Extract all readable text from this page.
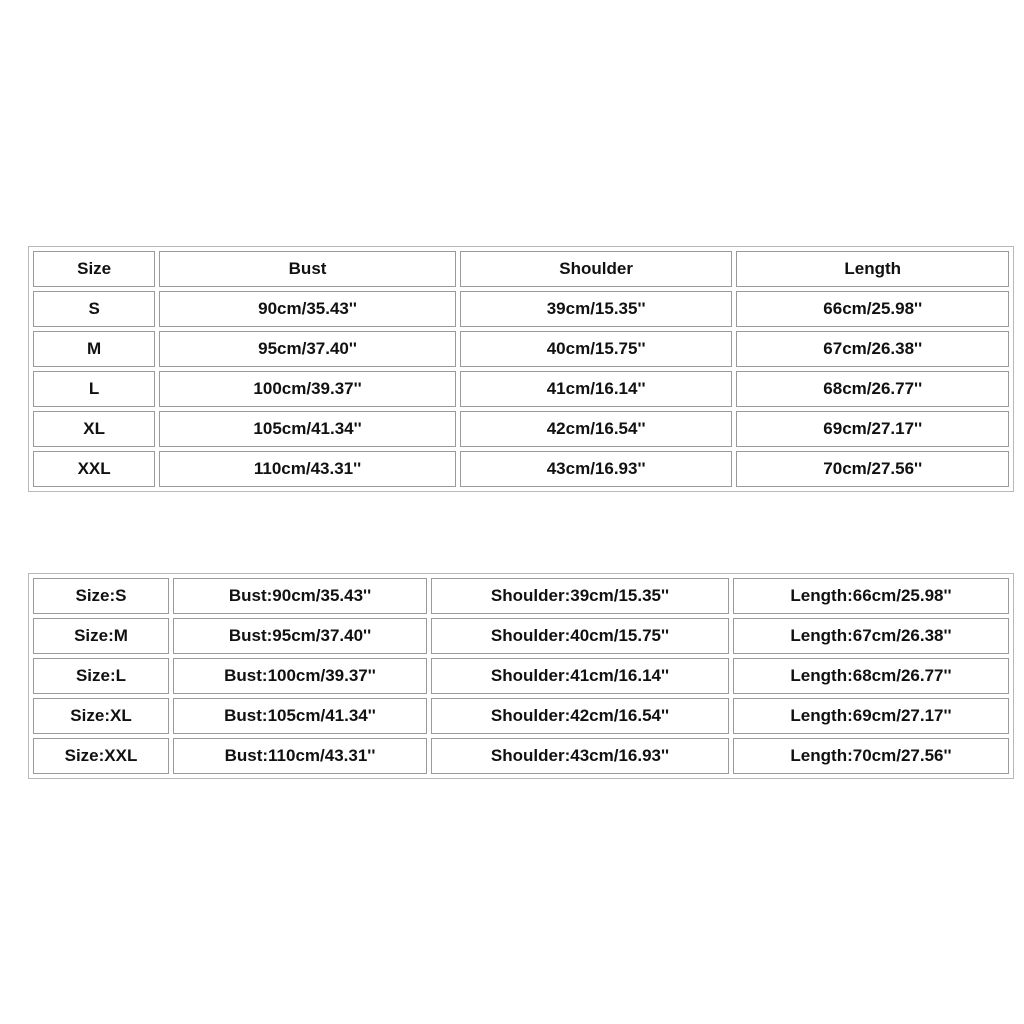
Size	Bust	Shoulder	Length
S	90cm/35.43''	39cm/15.35''	66cm/25.98''
M	95cm/37.40''	40cm/15.75''	67cm/26.38''
L	100cm/39.37''	41cm/16.14''	68cm/26.77''
XL	105cm/41.34''	42cm/16.54''	69cm/27.17''
XXL	110cm/43.31''	43cm/16.93''	70cm/27.56''
Size:S	Bust:90cm/35.43''	Shoulder:39cm/15.35''	Length:66cm/25.98''
Size:M	Bust:95cm/37.40''	Shoulder:40cm/15.75''	Length:67cm/26.38''
Size:L	Bust:100cm/39.37''	Shoulder:41cm/16.14''	Length:68cm/26.77''
Size:XL	Bust:105cm/41.34''	Shoulder:42cm/16.54''	Length:69cm/27.17''
Size:XXL	Bust:110cm/43.31''	Shoulder:43cm/16.93''	Length:70cm/27.56''
